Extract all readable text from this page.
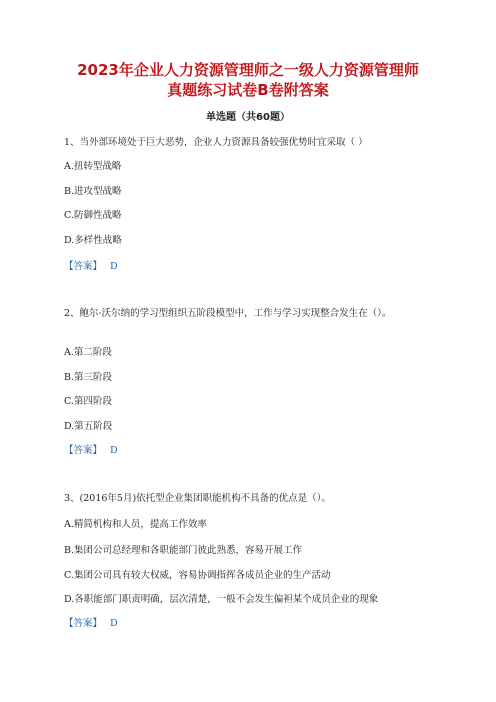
2023年企业人力资源管理师之一级人力资源管理师
真题练习试卷B卷附答案
单选题（共60题）
1、当外部环境处于巨大恶势，企业人力资源具备较强优势时宜采取（ ）
A.扭转型战略
B.进攻型战略
C.防御性战略
D.多样性战略
【答案】 D
2、鲍尔·沃尔纳的学习型组织五阶段模型中，工作与学习实现整合发生在（）。
A.第二阶段
B.第三阶段
C.第四阶段
D.第五阶段
【答案】 D
3、(2016年5月)依托型企业集团职能机构不具备的优点是（）。
A.精简机构和人员，提高工作效率
B.集团公司总经理和各职能部门彼此熟悉，容易开展工作
C.集团公司具有较大权威，容易协调指挥各成员企业的生产活动
D.各职能部门职责明确，层次清楚，一般不会发生偏袒某个成员企业的现象
【答案】 D
